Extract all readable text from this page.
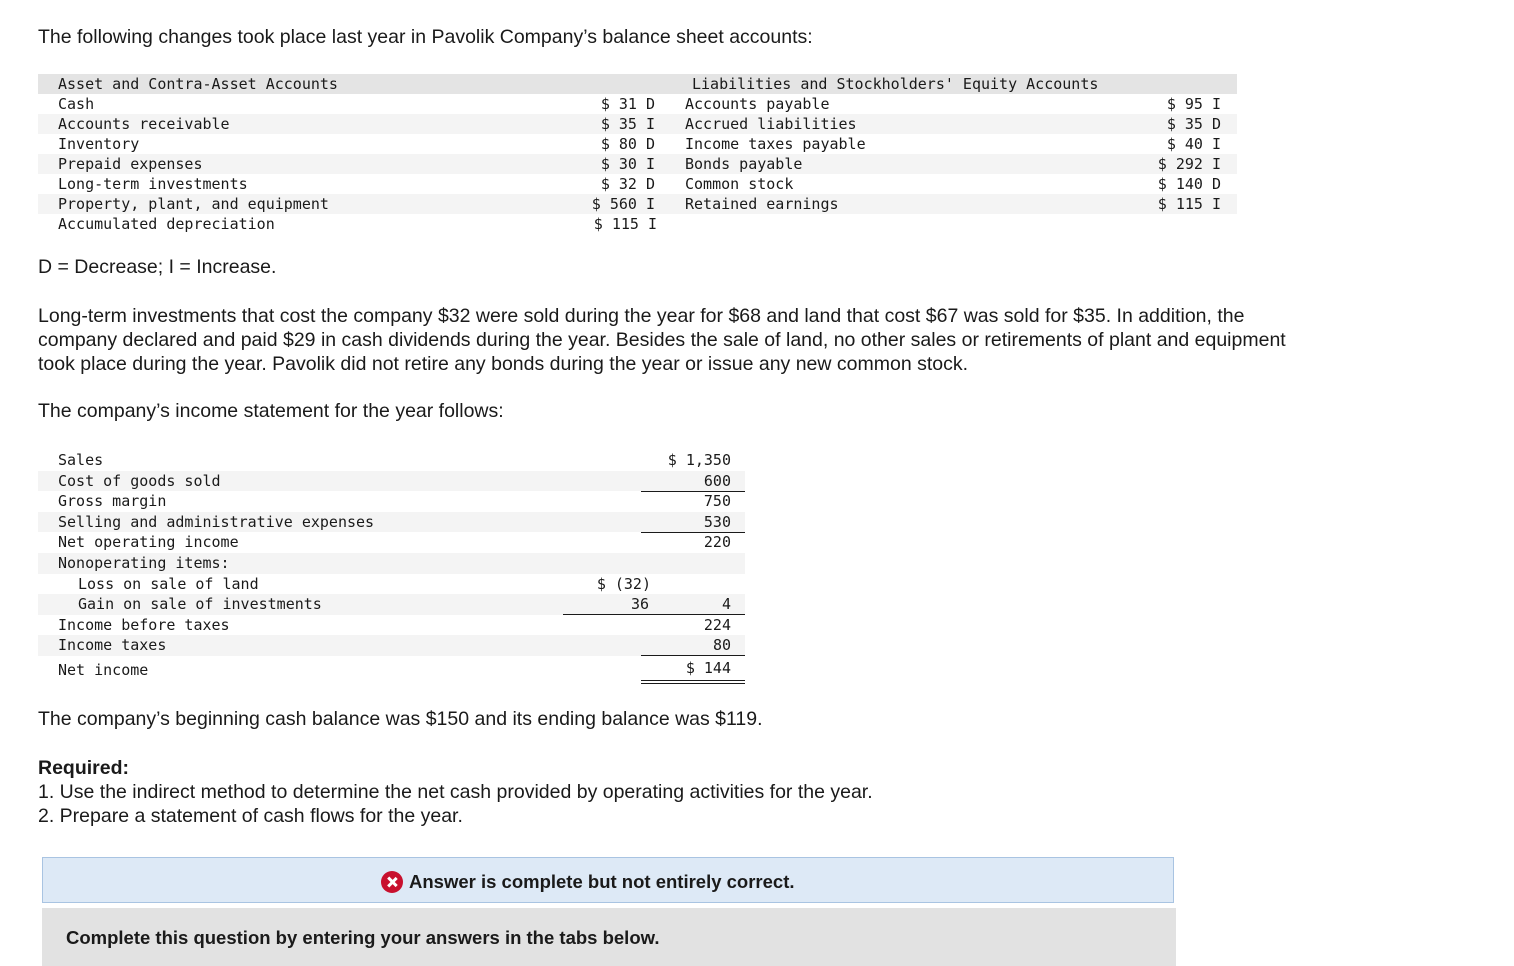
The following changes took place last year in Pavolik Company’s balance sheet accounts:
Asset and Contra-Asset Accounts	Liabilities and Stockholders' Equity Accounts
Cash	$ 31 D Accounts payable	$ 95 I
Accounts receivable	$ 35 I Accrued liabilities	$ 35 D
Inventory	$ 80 D Income taxes payable	$ 40 I
Prepaid expenses	$ 30 I Bonds payable	$ 292 I
Long-term investments	$ 32 D Common stock	$ 140 D
Property, plant, and equipment	$ 560 I Retained earnings	$ 115 I
Accumulated depreciation	$ 115 I
D = Decrease; I = Increase.
Long-term investments that cost the company $32 were sold during the year for $68 and land that cost $67 was sold for $35. In addition, the company declared and paid $29 in cash dividends during the year. Besides the sale of land, no other sales or retirements of plant and equipment took place during the year. Pavolik did not retire any bonds during the year or issue any new common stock.
The company’s income statement for the year follows:
Sales	$ 1,350
Cost of goods sold	600
Gross margin	750
Selling and administrative expenses	530
Net operating income	220
Nonoperating items:
Loss on sale of land	$ (32)
Gain on sale of investments	36	4
Income before taxes	224
Income taxes	80
Net income	$ 144
The company’s beginning cash balance was $150 and its ending balance was $119.
Required:
1. Use the indirect method to determine the net cash provided by operating activities for the year.
2. Prepare a statement of cash flows for the year.
Answer is complete but not entirely correct.
Complete this question by entering your answers in the tabs below.
